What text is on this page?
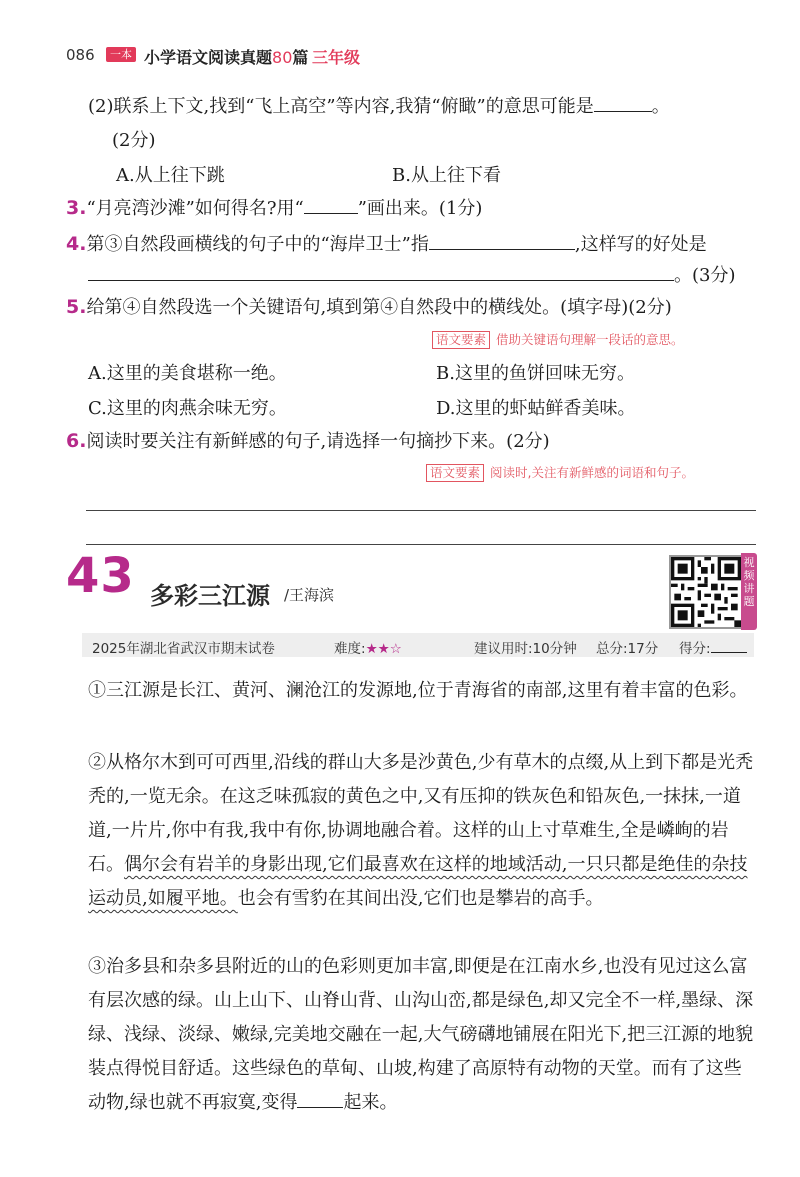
086	一本 小学语文阅读真题80篇 三年级
(2)联系上下文,找到“飞上高空”等内容,我猜“俯瞰”的意思可能是	。
(2分)
A.从上往下跳	B.从上往下看
3.“月亮湾沙滩”如何得名?用“	”画出来。(1分)
4.第③自然段画横线的句子中的“海岸卫士”指	,这样写的好处是
。(3分)
5.给第④自然段选一个关键语句,填到第④自然段中的横线处。(填字母)(2分)
语文要素 借助关键语句理解一段话的意思。
A.这里的美食堪称一绝。	B.这里的鱼饼回味无穷。
C.这里的肉燕余味无穷。	D.这里的虾蛄鲜香美味。
6.阅读时要关注有新鲜感的句子,请选择一句摘抄下来。(2分)
语文要素 阅读时,关注有新鲜感的词语和句子。
43 多彩三江源 /王海滨
视频讲题
2025年湖北省武汉市期末试卷	难度:★★☆	建议用时:10分钟 总分:17分 得分:
①三江源是长江、黄河、澜沧江的发源地,位于青海省的南部,这里有着丰富的色彩。
②从格尔木到可可西里,沿线的群山大多是沙黄色,少有草木的点缀,从上到下都是光秃秃的,一览无余。在这乏味孤寂的黄色之中,又有压抑的铁灰色和铅灰色,一抹抹,一道道,一片片,你中有我,我中有你,协调地融合着。这样的山上寸草难生,全是嶙峋的岩石。偶尔会有岩羊的身影出现,它们最喜欢在这样的地域活动,一只只都是绝佳的杂技运动员,如履平地。也会有雪豹在其间出没,它们也是攀岩的高手。
③治多县和杂多县附近的山的色彩则更加丰富,即便是在江南水乡,也没有见过这么富有层次感的绿。山上山下、山脊山背、山沟山峦,都是绿色,却又完全不一样,墨绿、深绿、浅绿、淡绿、嫩绿,完美地交融在一起,大气磅礴地铺展在阳光下,把三江源的地貌装点得悦目舒适。这些绿色的草甸、山坡,构建了高原特有动物的天堂。而有了这些动物,绿也就不再寂寞,变得	起来。
